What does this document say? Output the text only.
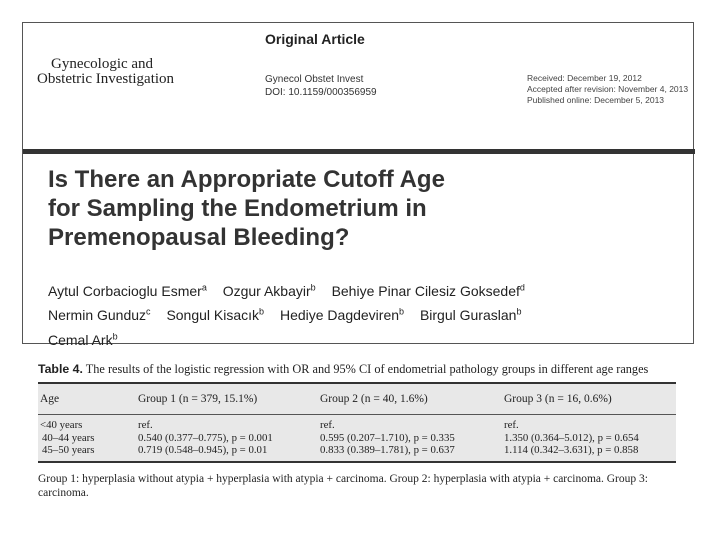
Original Article
Gynecologic and
Obstetric Investigation	Gynecol Obstet Invest
DOI: 10.1159/000356959
Received: December 19, 2012
Accepted after revision: November 4, 2013
Published online: December 5, 2013
Is There an Appropriate Cutoff Age
for Sampling the Endometrium in
Premenopausal Bleeding?
Aytul Corbacioglu Esmer$^a$ Ozgur Akbayir$^b$ Behiye Pinar Cilesiz Goksedef$^d$
Nermin Gunduz$^c$ Songul Kisacık$^b$ Hediye Dagdeviren$^b$ Birgul Guraslan$^b$
Cemal Ark$^b$
Table 4. The results of the logistic regression with OR and 95% CI of endometrial pathology groups in different age ranges
Age	Group 1 (n = 379, 15.1%)	Group 2 (n = 40, 1.6%)	Group 3 (n = 16, 0.6%)
<40 years	ref.	ref.	ref.
40–44 years	0.540 (0.377–0.775), p = 0.001	0.595 (0.207–1.710), p = 0.335	1.350 (0.364–5.012), p = 0.654
45–50 years	0.719 (0.548–0.945), p = 0.01	0.833 (0.389–1.781), p = 0.637	1.114 (0.342–3.631), p = 0.858
Group 1: hyperplasia without atypia + hyperplasia with atypia + carcinoma. Group 2: hyperplasia with atypia + carcinoma. Group 3: carcinoma.
